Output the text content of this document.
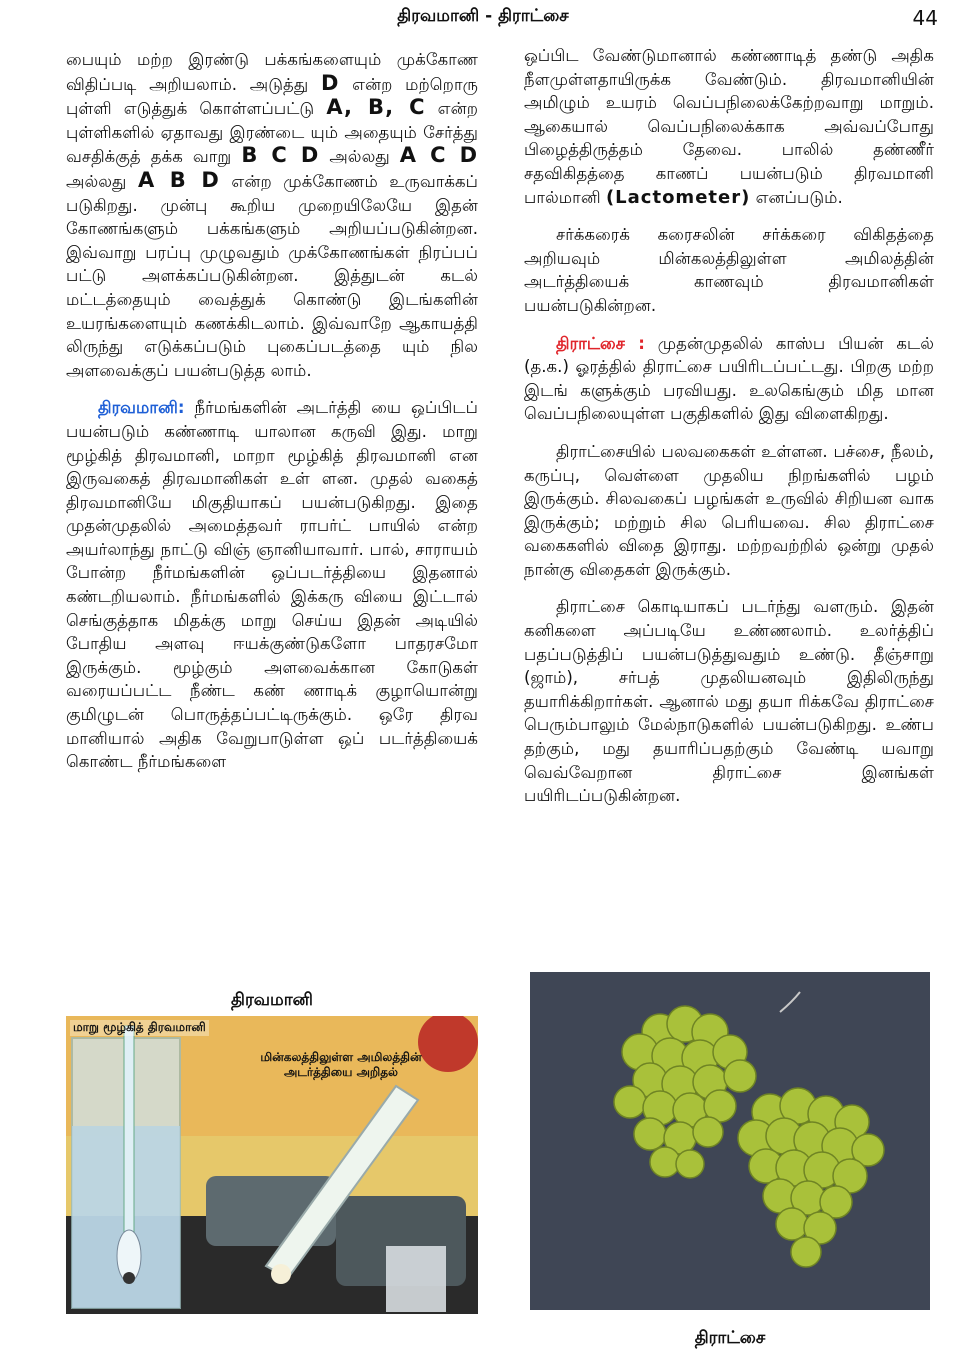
திரவமானி - திராட்சை	44

பையும் மற்ற இரண்டு பக்கங்களையும் முக்கோண விதிப்படி அறியலாம். அடுத்து D என்ற மற்றொரு புள்ளி எடுத்துக் கொள்ளப்பட்டு A, B, C என்ற புள்ளிகளில் ஏதாவது இரண்டை யும் அதையும் சேர்த்து வசதிக்குத் தக்க வாறு B C D அல்லது A C D அல்லது A B D என்ற முக்கோணம் உருவாக்கப் படுகிறது. முன்பு கூறிய முறையிலேயே இதன் கோணங்களும் பக்கங்களும் அறியப்படுகின்றன. இவ்வாறு பரப்பு முழுவதும் முக்கோணங்கள் நிரப்பப் பட்டு அளக்கப்படுகின்றன. இத்துடன் கடல் மட்டத்தையும் வைத்துக் கொண்டு இடங்களின் உயரங்களையும் கணக்கிடலாம். இவ்வாறே ஆகாயத்தி லிருந்து எடுக்கப்படும் புகைப்படத்தை யும் நில அளவைக்குப் பயன்படுத்த லாம்.

திரவமானி: நீர்மங்களின் அடர்த்தி யை ஒப்பிடப் பயன்படும் கண்ணாடி யாலான கருவி இது. மாறு மூழ்கித் திரவமானி, மாறா மூழ்கித் திரவமானி என இருவகைத் திரவமானிகள் உள் ளன. முதல் வகைத் திரவமானியே மிகுதியாகப் பயன்படுகிறது. இதை முதன்முதலில் அமைத்தவர் ராபர்ட் பாயில் என்ற அயர்லாந்து நாட்டு விஞ் ஞானியாவார். பால், சாராயம் போன்ற நீர்மங்களின் ஒப்படர்த்தியை இதனால் கண்டறியலாம். நீர்மங்களில் இக்கரு வியை இட்டால் செங்குத்தாக மிதக்கு மாறு செய்ய இதன் அடியில் போதிய அளவு ஈயக்குண்டுகளோ பாதரசமோ இருக்கும். மூழ்கும் அளவைக்கான கோடுகள் வரையப்பட்ட நீண்ட கண் ணாடிக் குழாயொன்று குமிழுடன் பொருத்தப்பட்டிருக்கும். ஒரே திரவ மானியால் அதிக வேறுபாடுள்ள ஒப் படர்த்தியைக் கொண்ட நீர்மங்களை

ஒப்பிட வேண்டுமானால் கண்ணாடித் தண்டு அதிக நீளமுள்ளதாயிருக்க வேண்டும். திரவமானியின் அமிழும் உயரம் வெப்பநிலைக்கேற்றவாறு மாறும். ஆகையால் வெப்பநிலைக்காக அவ்வப்போது பிழைத்திருத்தம் தேவை. பாலில் தண்ணீர் சதவிகிதத்தை காணப் பயன்படும் திரவமானி பால்மானி (Lactometer) எனப்படும்.

சர்க்கரைக் கரைசலின் சர்க்கரை விகிதத்தை அறியவும் மின்கலத்திலுள்ள அமிலத்தின் அடர்த்தியைக் காணவும் திரவமானிகள் பயன்படுகின்றன.

திராட்சை : முதன்முதலில் காஸ்ப பியன் கடல் (த.க.) ஓரத்தில் திராட்சை பயிரிடப்பட்டது. பிறகு மற்ற இடங் களுக்கும் பரவியது. உலகெங்கும் மித மான வெப்பநிலையுள்ள பகுதிகளில் இது விளைகிறது.

திராட்சையில் பலவகைகள் உள்ளன. பச்சை, நீலம், கருப்பு, வெள்ளை முதலிய நிறங்களில் பழம் இருக்கும். சிலவகைப் பழங்கள் உருவில் சிறியன வாக இருக்கும்; மற்றும் சில பெரியவை. சில திராட்சை வகைகளில் விதை இராது. மற்றவற்றில் ஒன்று முதல் நான்கு விதைகள் இருக்கும்.

திராட்சை கொடியாகப் படர்ந்து வளரும். இதன் கனிகளை அப்படியே உண்ணலாம். உலர்த்திப் பதப்படுத்திப் பயன்படுத்துவதும் உண்டு. தீஞ்சாறு (ஜாம்), சர்பத் முதலியனவும் இதிலிருந்து தயாரிக்கிறார்கள். ஆனால் மது தயா ரிக்கவே திராட்சை பெரும்பாலும் மேல்நாடுகளில் பயன்படுகிறது. உண்ப தற்கும், மது தயாரிப்பதற்கும் வேண்டி யவாறு வெவ்வேறான திராட்சை இனங்கள் பயிரிடப்படுகின்றன.

திரவமானி
மாறு மூழ்கித் திரவமானி
மின்கலத்திலுள்ள அமிலத்தின் அடர்த்தியை அறிதல்
திராட்சை
